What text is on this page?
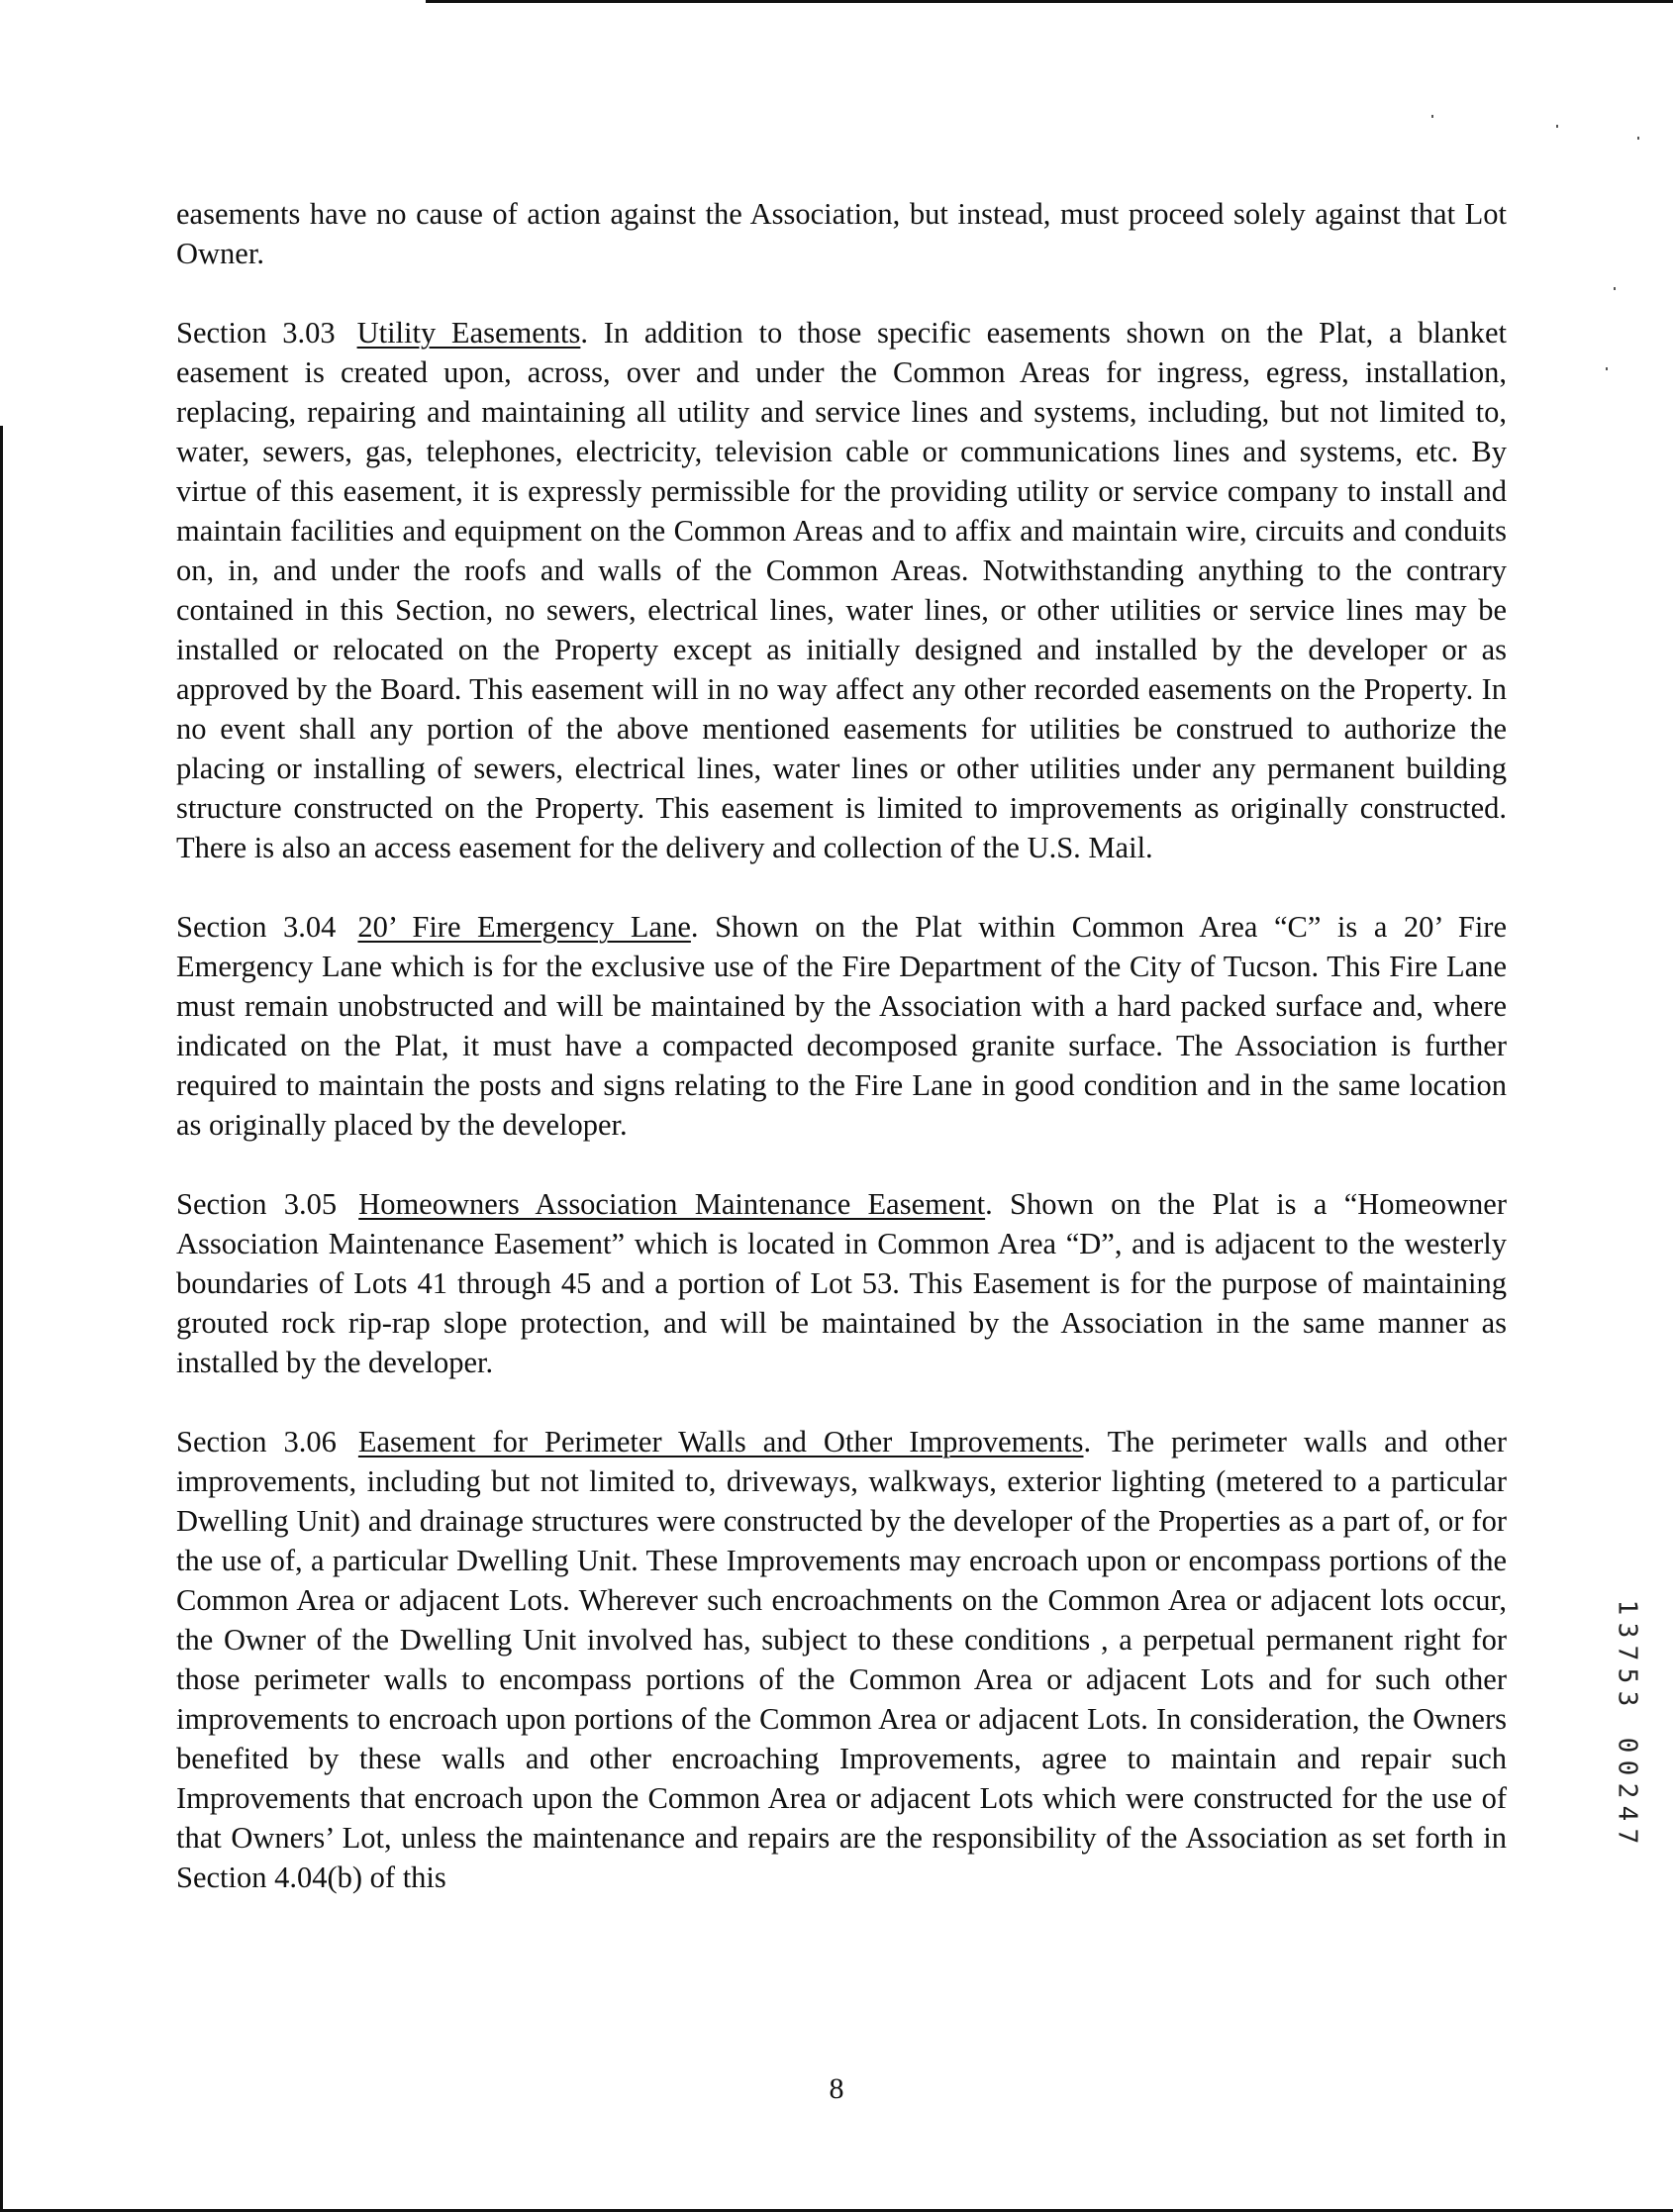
easements have no cause of action against the Association, but instead, must proceed solely against that Lot Owner.

Section 3.03 Utility Easements. In addition to those specific easements shown on the Plat, a blanket easement is created upon, across, over and under the Common Areas for ingress, egress, installation, replacing, repairing and maintaining all utility and service lines and systems, including, but not limited to, water, sewers, gas, telephones, electricity, television cable or communications lines and systems, etc. By virtue of this easement, it is expressly permissible for the providing utility or service company to install and maintain facilities and equipment on the Common Areas and to affix and maintain wire, circuits and conduits on, in, and under the roofs and walls of the Common Areas. Notwithstanding anything to the contrary contained in this Section, no sewers, electrical lines, water lines, or other utilities or service lines may be installed or relocated on the Property except as initially designed and installed by the developer or as approved by the Board. This easement will in no way affect any other recorded easements on the Property. In no event shall any portion of the above mentioned easements for utilities be construed to authorize the placing or installing of sewers, electrical lines, water lines or other utilities under any permanent building structure constructed on the Property. This easement is limited to improvements as originally constructed. There is also an access easement for the delivery and collection of the U.S. Mail.

Section 3.04 20’ Fire Emergency Lane. Shown on the Plat within Common Area “C” is a 20’ Fire Emergency Lane which is for the exclusive use of the Fire Department of the City of Tucson. This Fire Lane must remain unobstructed and will be maintained by the Association with a hard packed surface and, where indicated on the Plat, it must have a compacted decomposed granite surface. The Association is further required to maintain the posts and signs relating to the Fire Lane in good condition and in the same location as originally placed by the developer.

Section 3.05 Homeowners Association Maintenance Easement. Shown on the Plat is a “Homeowner Association Maintenance Easement” which is located in Common Area “D”, and is adjacent to the westerly boundaries of Lots 41 through 45 and a portion of Lot 53. This Easement is for the purpose of maintaining grouted rock rip-rap slope protection, and will be maintained by the Association in the same manner as installed by the developer.

Section 3.06 Easement for Perimeter Walls and Other Improvements. The perimeter walls and other improvements, including but not limited to, driveways, walkways, exterior lighting (metered to a particular Dwelling Unit) and drainage structures were constructed by the developer of the Properties as a part of, or for the use of, a particular Dwelling Unit. These Improvements may encroach upon or encompass portions of the Common Area or adjacent Lots. Wherever such encroachments on the Common Area or adjacent lots occur, the Owner of the Dwelling Unit involved has, subject to these conditions , a perpetual permanent right for those perimeter walls to encompass portions of the Common Area or adjacent Lots and for such other improvements to encroach upon portions of the Common Area or adjacent Lots. In consideration, the Owners benefited by these walls and other encroaching Improvements, agree to maintain and repair such Improvements that encroach upon the Common Area or adjacent Lots which were constructed for the use of that Owners’ Lot, unless the maintenance and repairs are the responsibility of the Association as set forth in Section 4.04(b) of this

8
1
3
7
5
3
0
0
2
4
7
